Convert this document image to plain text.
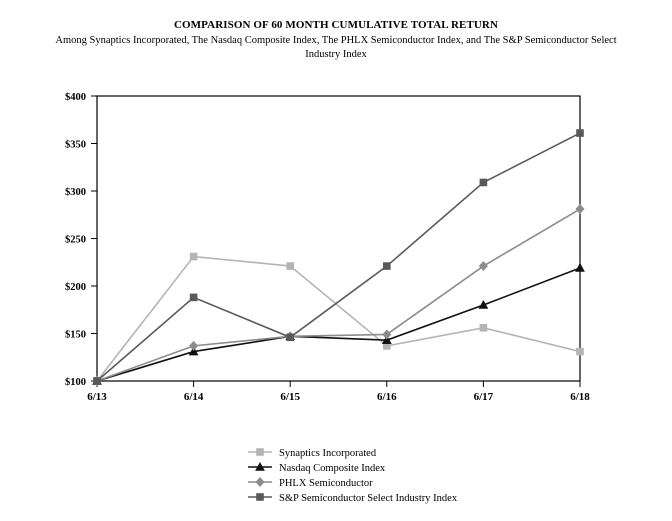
COMPARISON OF 60 MONTH CUMULATIVE TOTAL RETURN
Among Synaptics Incorporated, The Nasdaq Composite Index, The PHLX Semiconductor Index, and The S&P Semiconductor Select Industry Index
$400
$350
$300
$250
$200
$150
$100
6/13	6/14	6/15	6/16	6/17	6/18
Synaptics Incorporated
Nasdaq Composite Index
PHLX Semiconductor
S&P Semiconductor Select Industry Index
